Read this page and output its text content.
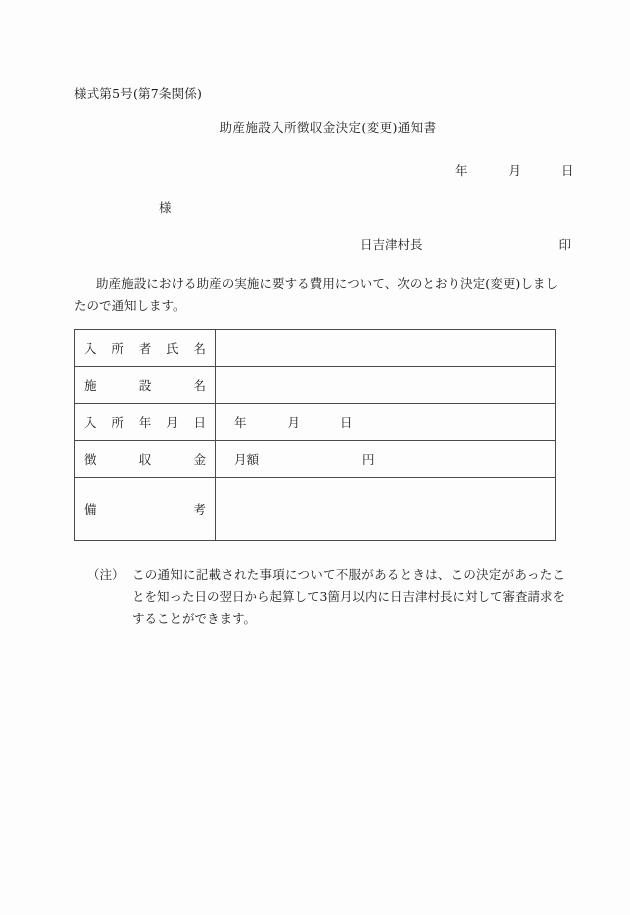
様式第5号(第7条関係)
助産施設入所徴収金決定(変更)通知書
年	月	日
様
日吉津村長	印
助産施設における助産の実施に要する費用について、次のとおり決定(変更)しましたので通知します。
入 所 者 氏 名	

施 設 名	

入 所 年 月 日	年 月 日

徴 収 金	月額 円

備 考	

（注） この通知に記載された事項について不服があるときは、この決定があったことを知った日の翌日から起算して3箇月以内に日吉津村長に対して審査請求をすることができます。
